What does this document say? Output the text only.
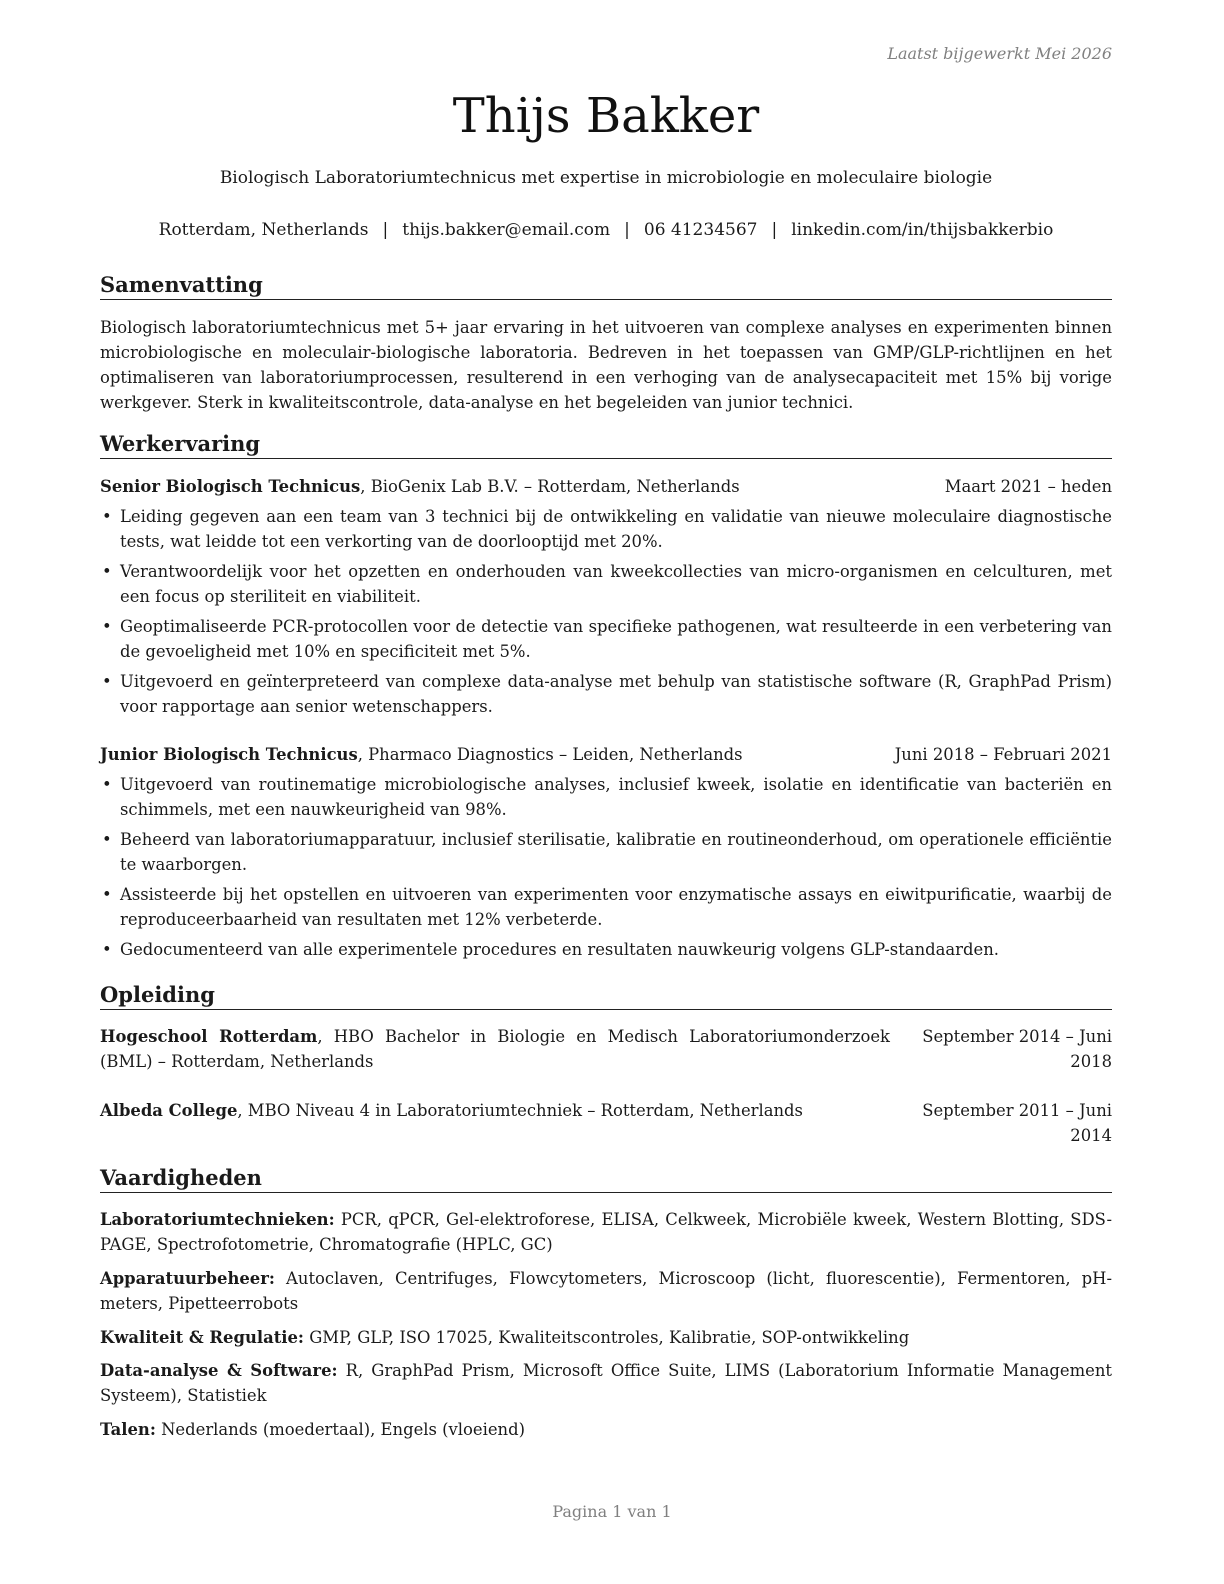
Laatst bijgewerkt Mei 2026
Thijs Bakker
Biologisch Laboratoriumtechnicus met expertise in microbiologie en moleculaire biologie
Rotterdam, Netherlands | thijs.bakker@email.com | 06 41234567 | linkedin.com/in/thijsbakkerbio
Samenvatting
Biologisch laboratoriumtechnicus met 5+ jaar ervaring in het uitvoeren van complexe analyses en experimenten binnen microbiologische en moleculair-biologische laboratoria. Bedreven in het toepassen van GMP/GLP-richtlijnen en het optimaliseren van laboratoriumprocessen, resulterend in een verhoging van de analysecapaciteit met 15% bij vorige werkgever. Sterk in kwaliteitscontrole, data-analyse en het begeleiden van junior technici.
Werkervaring
Senior Biologisch Technicus, BioGenix Lab B.V. – Rotterdam, Netherlands	Maart 2021 – heden
• Leiding gegeven aan een team van 3 technici bij de ontwikkeling en validatie van nieuwe moleculaire diagnostische tests, wat leidde tot een verkorting van de doorlooptijd met 20%.
• Verantwoordelijk voor het opzetten en onderhouden van kweekcollecties van micro-organismen en celculturen, met een focus op steriliteit en viabiliteit.
• Geoptimaliseerde PCR-protocollen voor de detectie van specifieke pathogenen, wat resulteerde in een verbetering van de gevoeligheid met 10% en specificiteit met 5%.
• Uitgevoerd en geïnterpreteerd van complexe data-analyse met behulp van statistische software (R, GraphPad Prism) voor rapportage aan senior wetenschappers.
Junior Biologisch Technicus, Pharmaco Diagnostics – Leiden, Netherlands	Juni 2018 – Februari 2021
• Uitgevoerd van routinematige microbiologische analyses, inclusief kweek, isolatie en identificatie van bacteriën en schimmels, met een nauwkeurigheid van 98%.
• Beheerd van laboratoriumapparatuur, inclusief sterilisatie, kalibratie en routineonderhoud, om operationele efficiëntie te waarborgen.
• Assisteerde bij het opstellen en uitvoeren van experimenten voor enzymatische assays en eiwitpurificatie, waarbij de reproduceerbaarheid van resultaten met 12% verbeterde.
• Gedocumenteerd van alle experimentele procedures en resultaten nauwkeurig volgens GLP-standaarden.
Opleiding
Hogeschool Rotterdam, HBO Bachelor in Biologie en Medisch Laboratoriumonderzoek (BML) – Rotterdam, Netherlands
September 2014 – Juni 2018
Albeda College, MBO Niveau 4 in Laboratoriumtechniek – Rotterdam, Netherlands	September 2011 – Juni 2014
Vaardigheden
Laboratoriumtechnieken: PCR, qPCR, Gel-elektroforese, ELISA, Celkweek, Microbiële kweek, Western Blotting, SDS-PAGE, Spectrofotometrie, Chromatografie (HPLC, GC)
Apparatuurbeheer: Autoclaven, Centrifuges, Flowcytometers, Microscoop (licht, fluorescentie), Fermentoren, pH-meters, Pipetteerrobots
Kwaliteit & Regulatie: GMP, GLP, ISO 17025, Kwaliteitscontroles, Kalibratie, SOP-ontwikkeling
Data-analyse & Software: R, GraphPad Prism, Microsoft Office Suite, LIMS (Laboratorium Informatie Management Systeem), Statistiek
Talen: Nederlands (moedertaal), Engels (vloeiend)
Pagina 1 van 1
